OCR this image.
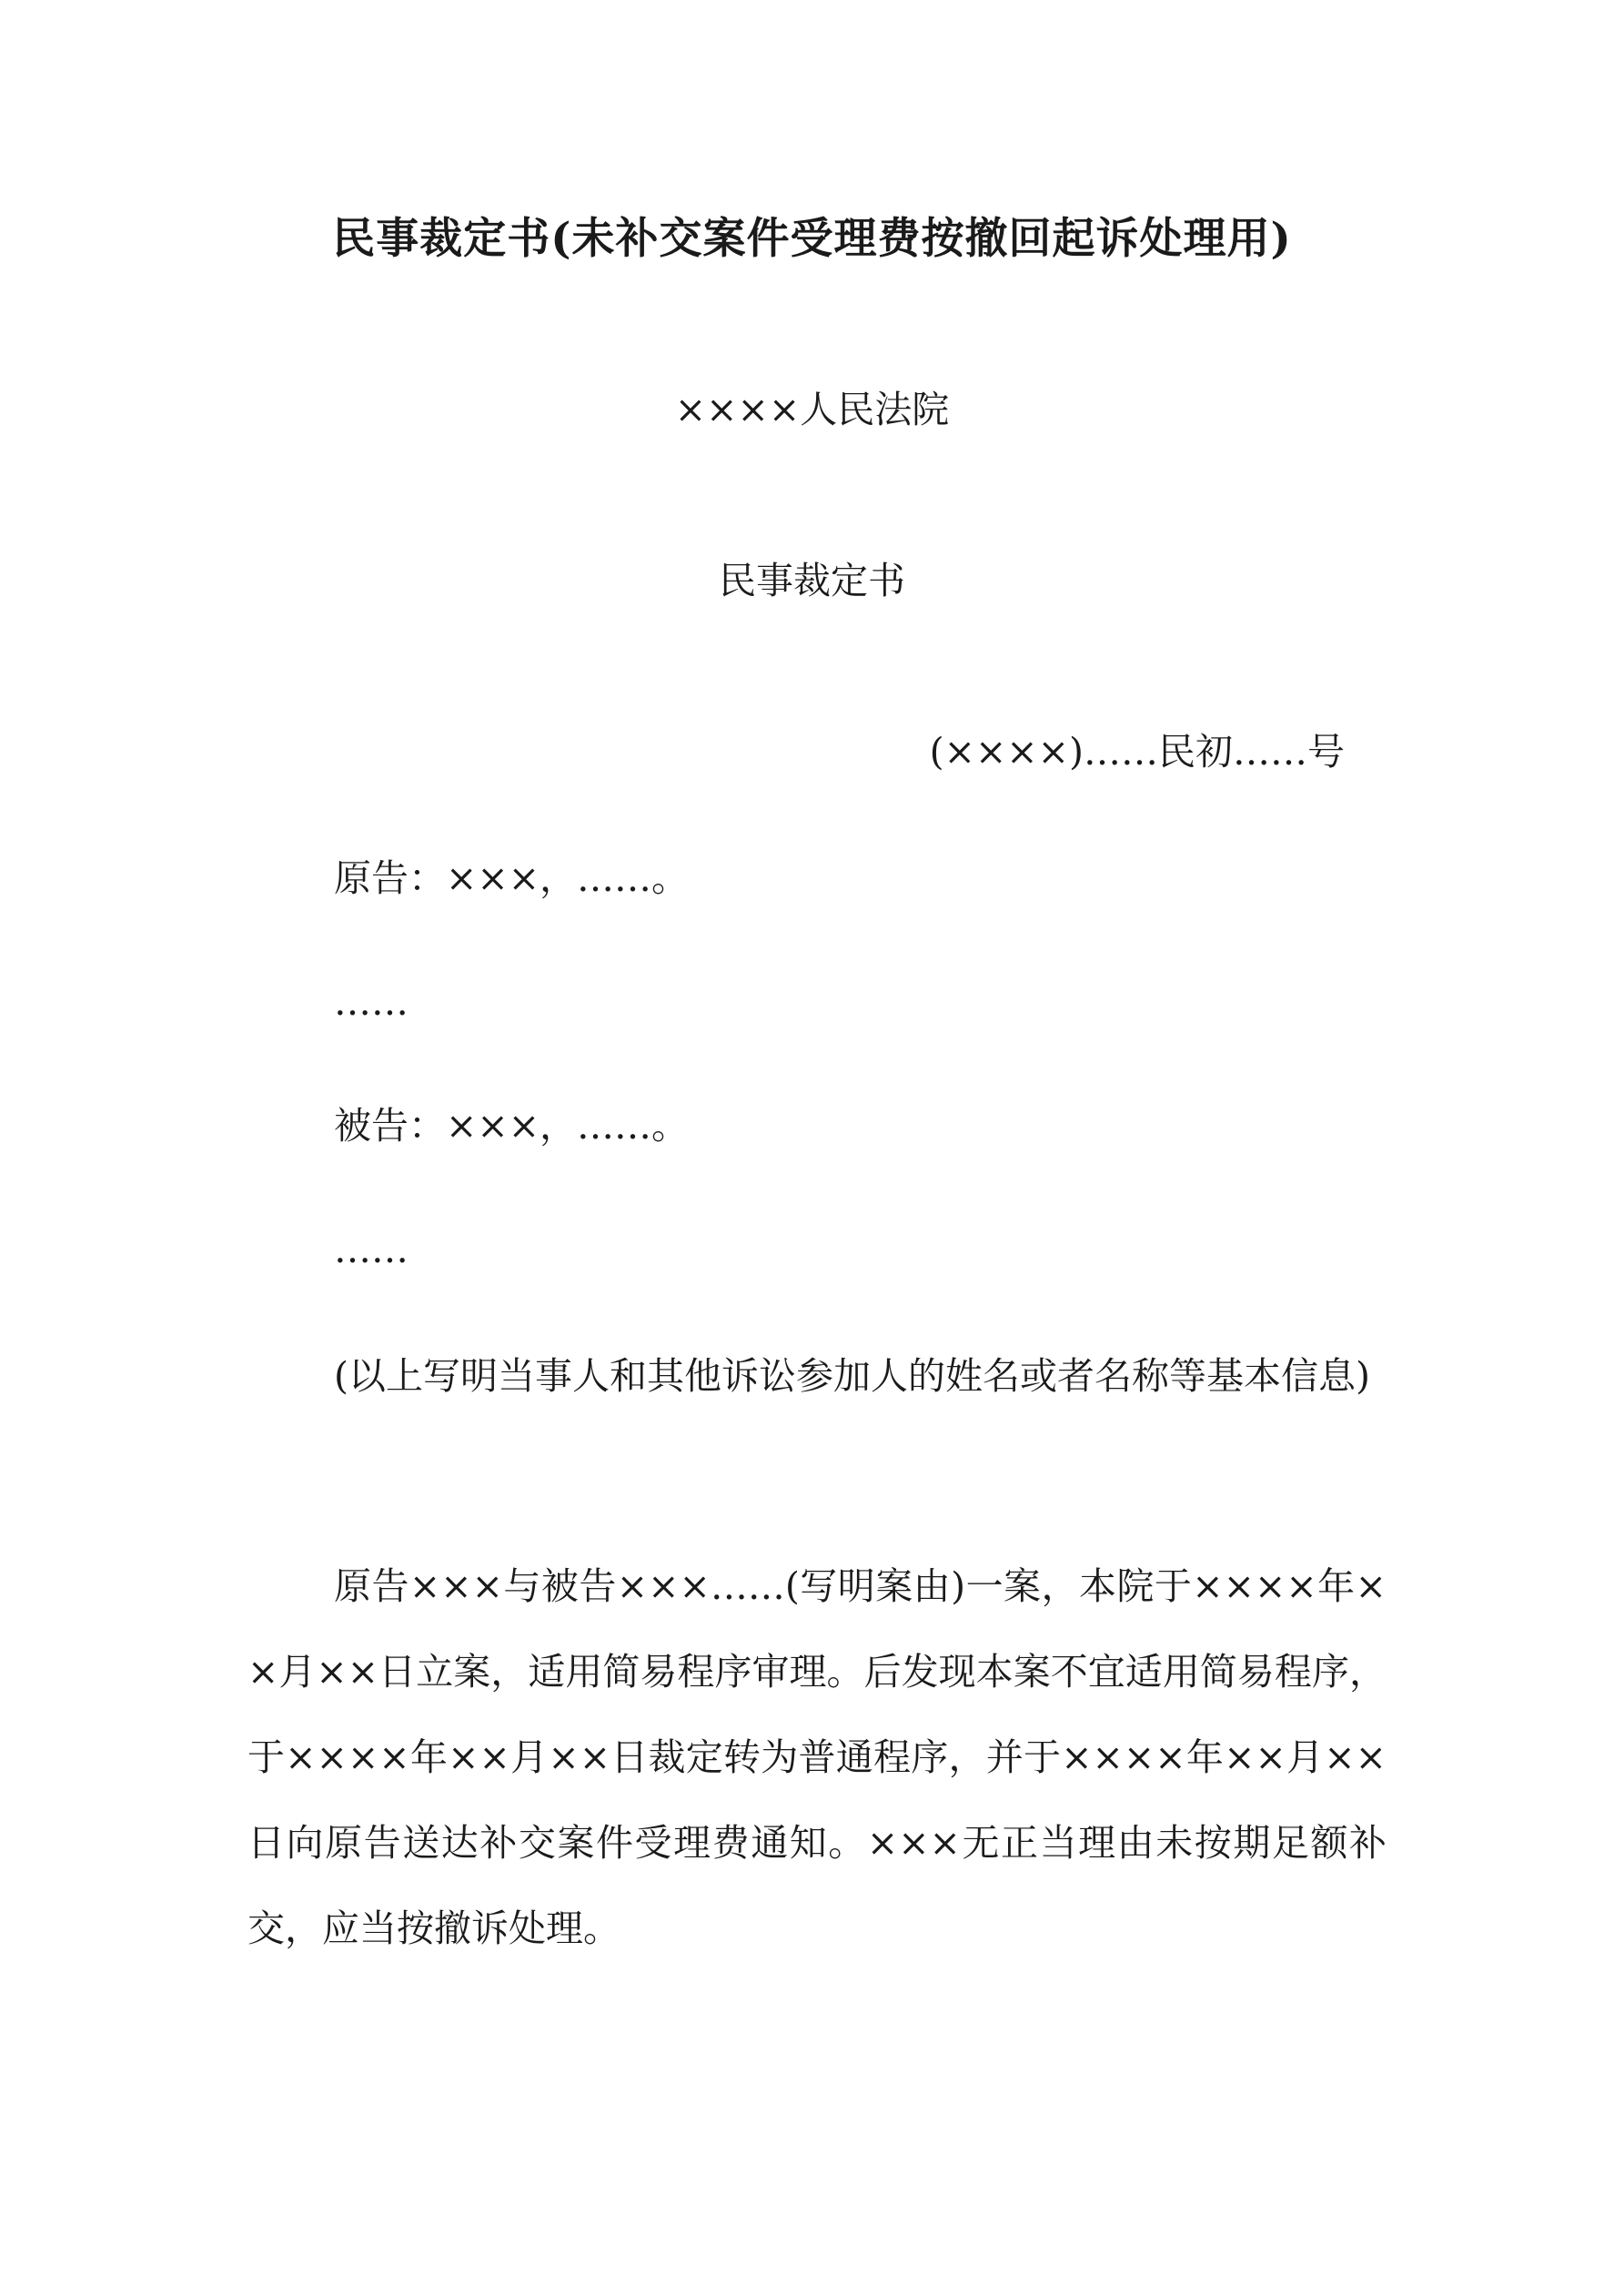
民事裁定书(未补交案件受理费按撤回起诉处理用)
××××人民法院
民事裁定书
(××××)……民初……号
原告：×××，……。
……
被告：×××，……。
……

(以上写明当事人和其他诉讼参加人的姓名或者名称等基本信息)

原告×××与被告×××……(写明案由)一案，本院于××××年××月××日立案，适用简易程序审理。后发现本案不宜适用简易程序，于××××年××月××日裁定转为普通程序，并于××××年××月××日向原告送达补交案件受理费通知。×××无正当理由未按期足额补交，应当按撤诉处理。
